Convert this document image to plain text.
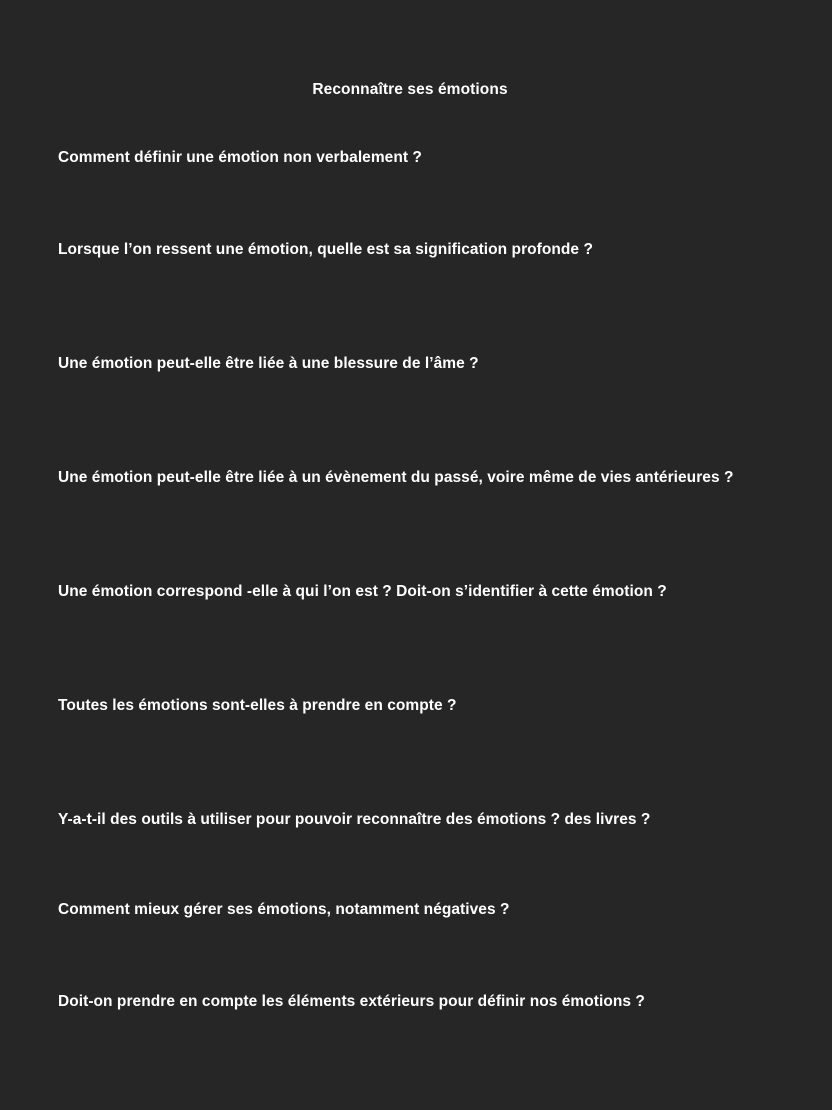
Reconnaître ses émotions
Comment définir une émotion non verbalement ?
Lorsque l’on ressent une émotion, quelle est sa signification profonde ?
Une émotion peut-elle être liée à une blessure de l’âme ?
Une émotion peut-elle être liée à un évènement du passé, voire même de vies antérieures ?
Une émotion correspond -elle à qui l’on est ? Doit-on s’identifier à cette émotion ?
Toutes les émotions sont-elles à prendre en compte ?
Y-a-t-il des outils à utiliser pour pouvoir reconnaître des émotions ? des livres ?
Comment mieux gérer ses émotions, notamment négatives ?
Doit-on prendre en compte les éléments extérieurs pour définir nos émotions ?
